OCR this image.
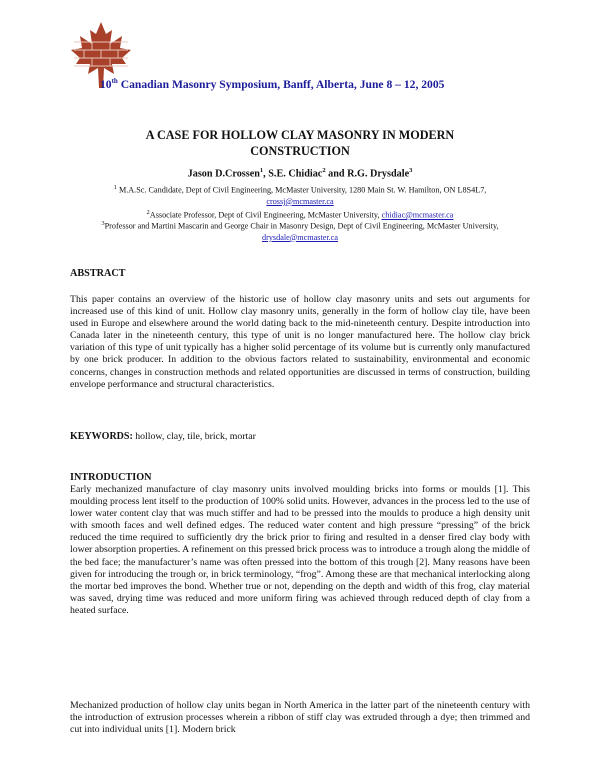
10th Canadian Masonry Symposium, Banff, Alberta, June 8 – 12, 2005
A CASE FOR HOLLOW CLAY MASONRY IN MODERN
CONSTRUCTION
Jason D.Crossen$^1$, S.E. Chidiac$^2$ and R.G. Drysdale$^3$
$^1$ M.A.Sc. Candidate, Dept of Civil Engineering, McMaster University, 1280 Main St. W. Hamilton, ON L8S4L7,
crossj@mcmaster.ca
$^2$Associate Professor, Dept of Civil Engineering, McMaster University, chidiac@mcmaster.ca
$^3$Professor and Martini Mascarin and George Chair in Masonry Design, Dept of Civil Engineering, McMaster University, drysdale@mcmaster.ca
ABSTRACT
This paper contains an overview of the historic use of hollow clay masonry units and sets out arguments for increased use of this kind of unit. Hollow clay masonry units, generally in the form of hollow clay tile, have been used in Europe and elsewhere around the world dating back to the mid-nineteenth century. Despite introduction into Canada later in the nineteenth century, this type of unit is no longer manufactured here. The hollow clay brick variation of this type of unit typically has a higher solid percentage of its volume but is currently only manufactured by one brick producer. In addition to the obvious factors related to sustainability, environmental and economic concerns, changes in construction methods and related opportunities are discussed in terms of construction, building envelope performance and structural characteristics.
KEYWORDS: hollow, clay, tile, brick, mortar
INTRODUCTION
Early mechanized manufacture of clay masonry units involved moulding bricks into forms or moulds [1]. This moulding process lent itself to the production of 100% solid units. However, advances in the process led to the use of lower water content clay that was much stiffer and had to be pressed into the moulds to produce a high density unit with smooth faces and well defined edges. The reduced water content and high pressure “pressing” of the brick reduced the time required to sufficiently dry the brick prior to firing and resulted in a denser fired clay body with lower absorption properties. A refinement on this pressed brick process was to introduce a trough along the middle of the bed face; the manufacturer’s name was often pressed into the bottom of this trough [2]. Many reasons have been given for introducing the trough or, in brick terminology, “frog”. Among these are that mechanical interlocking along the mortar bed improves the bond. Whether true or not, depending on the depth and width of this frog, clay material was saved, drying time was reduced and more uniform firing was achieved through reduced depth of clay from a heated surface.
Mechanized production of hollow clay units began in North America in the latter part of the nineteenth century with the introduction of extrusion processes wherein a ribbon of stiff clay was extruded through a dye; then trimmed and cut into individual units [1]. Modern brick
